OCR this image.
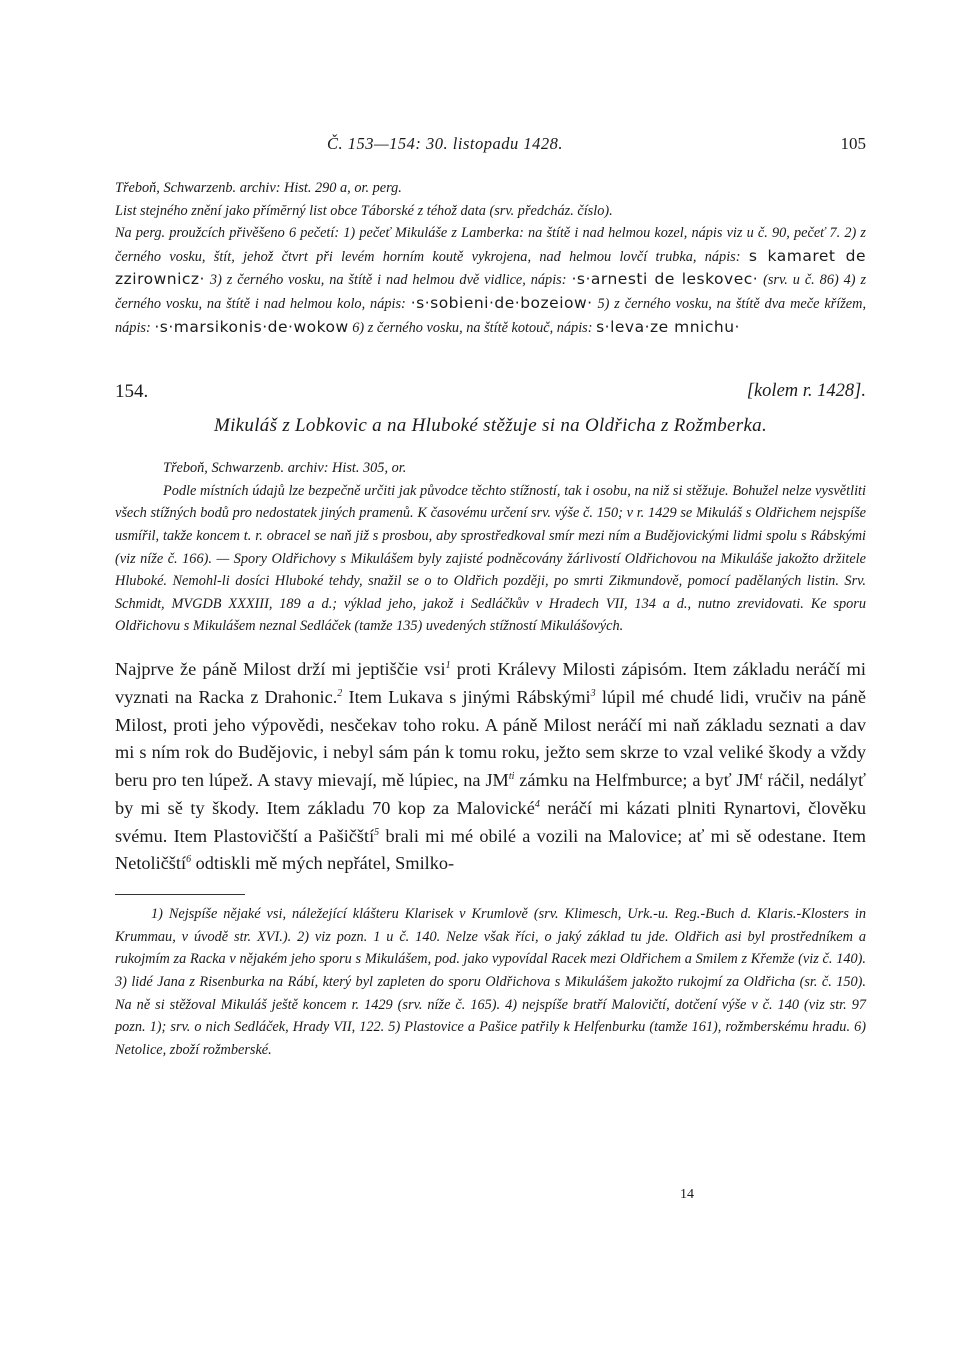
Č. 153—154: 30. listopadu 1428.	105
Třeboň, Schwarzenb. archiv: Hist. 290 a, or. perg.
List stejného znění jako přímĕrný list obce Táborské z téhož data (srv. předcház. číslo).
Na perg. proužcích přivěšeno 6 pečetí: 1) pečeť Mikuláše z Lamberka: na štítě i nad helmou kozel, nápis viz u č. 90, pečeť 7. 2) z černého vosku, štít, jehož čtvrt při levém horním koutě vykrojena, nad helmou lovčí trubka, nápis: s kamaret de zzirownicz· 3) z černého vosku, na štítě i nad helmou dvě vidlice, nápis: ·s·arnesti de leskovec· (srv. u č. 86) 4) z černého vosku, na štítě i nad helmou kolo, nápis: ·s·sobieni·de·bozeiow· 5) z černého vosku, na štítě dva meče křížem, nápis: ·s·marsikonis·de·wokow 6) z černého vosku, na štítě kotouč, nápis: s·leva·ze mnichu·
154.	[kolem r. 1428].
Mikuláš z Lobkovic a na Hluboké stěžuje si na Oldřicha z Rožmberka.
Třeboň, Schwarzenb. archiv: Hist. 305, or.
Podle místních údajů lze bezpečně určiti jak původce těchto stížností, tak i osobu, na niž si stěžuje. Bohužel nelze vysvětliti všech stížných bodů pro nedostatek jiných pramenů. K časovému určení srv. výše č. 150; v r. 1429 se Mikuláš s Oldřichem nejspíše usmířil, takže koncem t. r. obracel se naň již s prosbou, aby sprostředkoval smír mezi ním a Budějovickými lidmi spolu s Rábskými (viz níže č. 166). — Spory Oldřichovy s Mikulášem byly zajisté podněcovány žárlivostí Oldřichovou na Mikuláše jakožto držitele Hluboké. Nemohl-li dosíci Hluboké tehdy, snažil se o to Oldřich později, po smrti Zikmundově, pomocí padělaných listin. Srv. Schmidt, MVGDB XXXIII, 189 a d.; výklad jeho, jakož i Sedláčkův v Hradech VII, 134 a d., nutno zrevidovati. Ke sporu Oldřichovu s Mikulášem neznal Sedláček (tamže 135) uvedených stížností Mikulášových.
Najprve že páně Milost drží mi jeptiščie vsi$^1$ proti Králevy Milosti zápisóm. Item základu neráčí mi vyznati na Racka z Drahonic.$^2$ Item Lukava s jinými Rábskými$^3$ lúpil mé chudé lidi, vručiv na páně Milost, proti jeho výpovědi, nesčekav toho roku. A páně Milost neráčí mi naň základu seznati a dav mi s ním rok do Budějovic, i nebyl sám pán k tomu roku, ježto sem skrze to vzal veliké škody a vždy beru pro ten lúpež. A stavy mievají, mě lúpiec, na $JM^{ti}$ zámku na Helfmburce; a byť $JM^t$ ráčil, nedályť by mi sě ty škody. Item základu 70 kop za Malovické$^4$ neráčí mi kázati plniti Rynartovi, člověku svému. Item Plastovičští a Pašičští$^5$ brali mi mé obilé a vozili na Malovice; ať mi sě odestane. Item Netoličští$^6$ odtiskli mě mých nepřátel, Smilko-
1) Nejspíše nějaké vsi, náležející klášteru Klarisek v Krumlově (srv. Klimesch, Urk.-u. Reg.-Buch d. Klaris.-Klosters in Krummau, v úvodě str. XVI.). 2) viz pozn. 1 u č. 140. Nelze však říci, o jaký základ tu jde. Oldřich asi byl prostředníkem a rukojmím za Racka v nějakém jeho sporu s Mikulášem, pod. jako vypovídal Racek mezi Oldřichem a Smilem z Křemže (viz č. 140). 3) lidé Jana z Risenburka na Rábí, který byl zapleten do sporu Oldřichova s Mikulášem jakožto rukojmí za Oldřicha (sr. č. 150). Na ně si stěžoval Mikuláš ještě koncem r. 1429 (srv. níže č. 165). 4) nejspíše bratří Malovičtí, dotčení výše v č. 140 (viz str. 97 pozn. 1); srv. o nich Sedláček, Hrady VII, 122. 5) Plastovice a Pašice patřily k Helfenburku (tamže 161), rožmberskému hradu. 6) Netolice, zboží rožmberské.
14
